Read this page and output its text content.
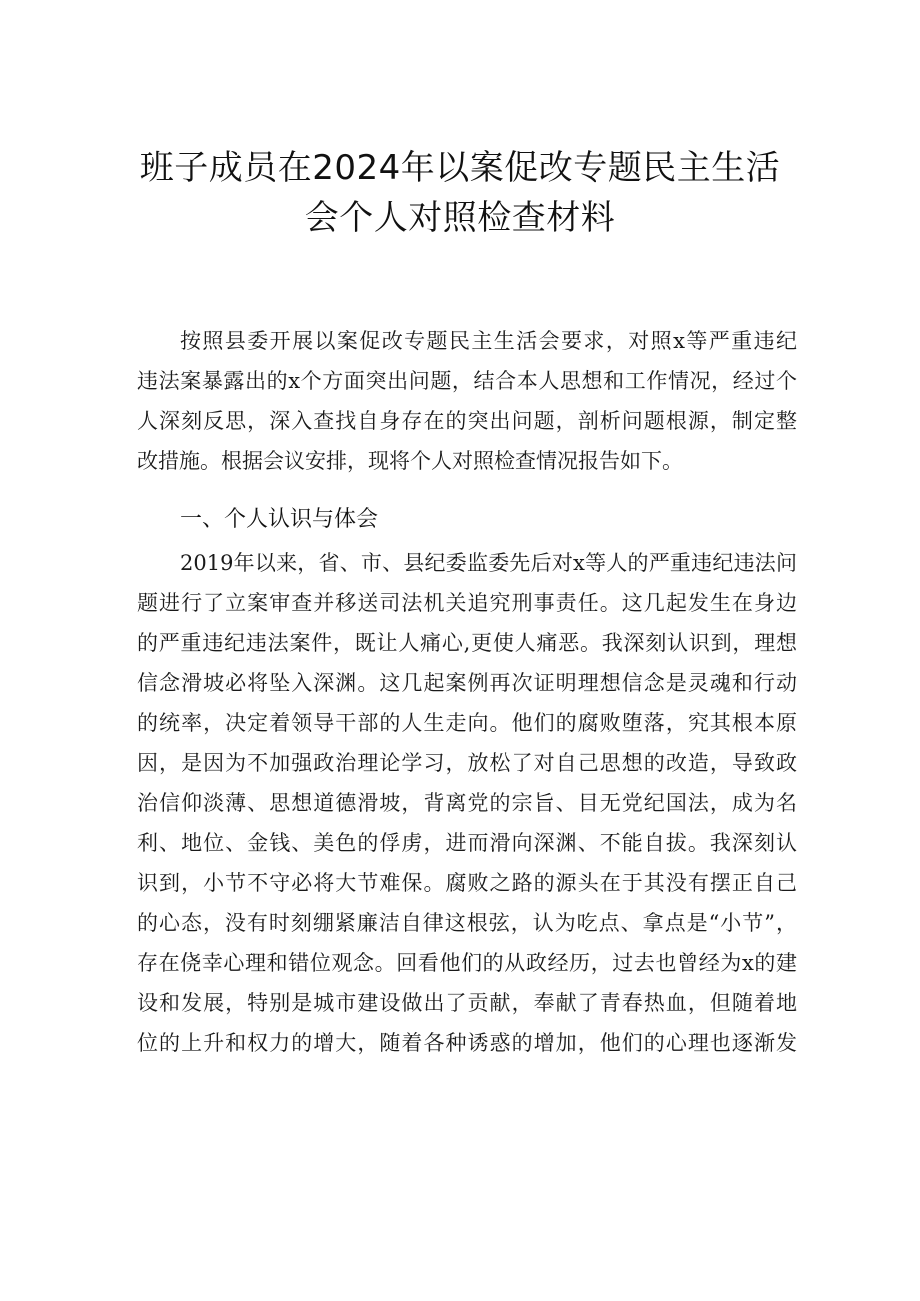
班子成员在2024年以案促改专题民主生活
会个人对照检查材料
按照县委开展以案促改专题民主生活会要求，对照x等严重违纪
违法案暴露出的x个方面突出问题，结合本人思想和工作情况，经过个
人深刻反思，深入查找自身存在的突出问题，剖析问题根源，制定整
改措施。根据会议安排，现将个人对照检查情况报告如下。
一、个人认识与体会
2019年以来，省、市、县纪委监委先后对x等人的严重违纪违法问
题进行了立案审查并移送司法机关追究刑事责任。这几起发生在身边
的严重违纪违法案件，既让人痛心,更使人痛恶。我深刻认识到，理想
信念滑坡必将坠入深渊。这几起案例再次证明理想信念是灵魂和行动
的统率，决定着领导干部的人生走向。他们的腐败堕落，究其根本原
因，是因为不加强政治理论学习，放松了对自己思想的改造，导致政
治信仰淡薄、思想道德滑坡，背离党的宗旨、目无党纪国法，成为名
利、地位、金钱、美色的俘虏，进而滑向深渊、不能自拔。我深刻认
识到，小节不守必将大节难保。腐败之路的源头在于其没有摆正自己
的心态，没有时刻绷紧廉洁自律这根弦，认为吃点、拿点是“小节”，
存在侥幸心理和错位观念。回看他们的从政经历，过去也曾经为x的建
设和发展，特别是城市建设做出了贡献，奉献了青春热血，但随着地
位的上升和权力的增大，随着各种诱惑的增加，他们的心理也逐渐发
